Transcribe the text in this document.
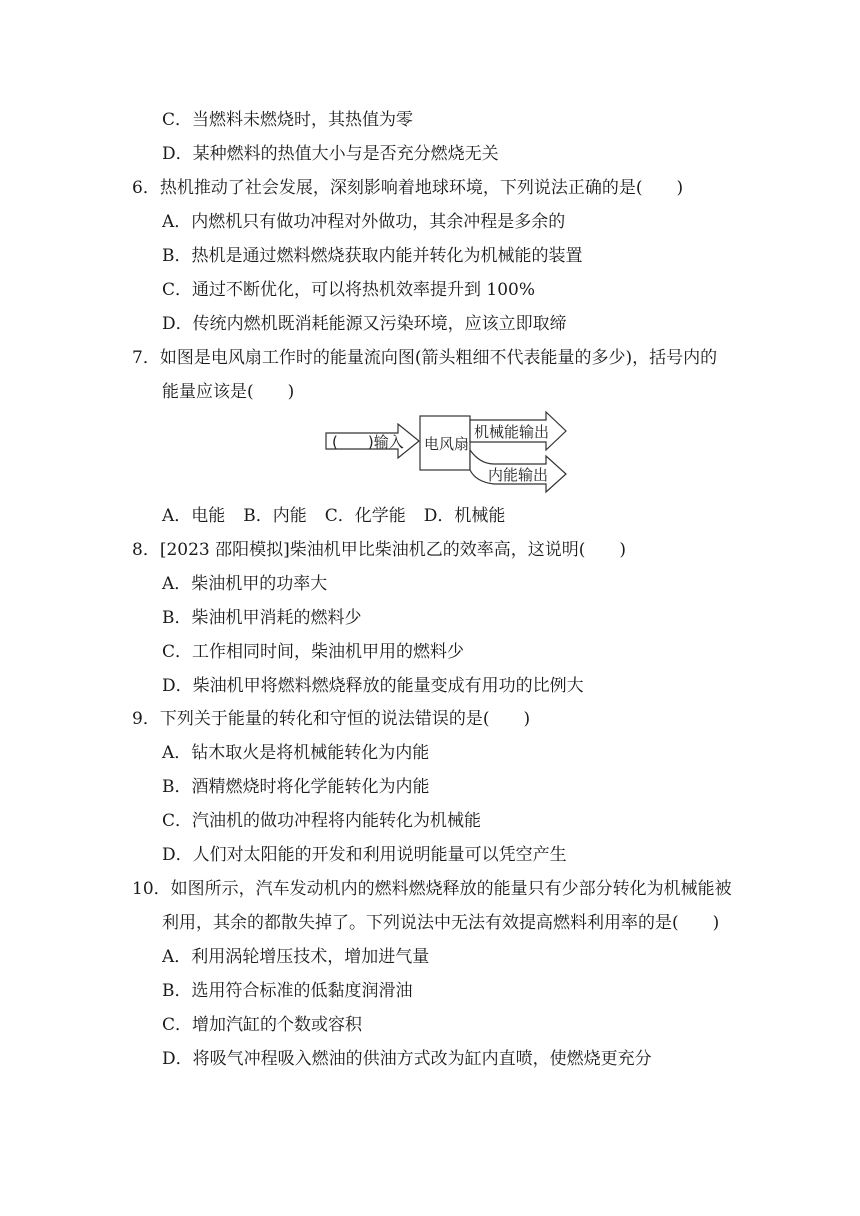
C．当燃料未燃烧时，其热值为零
D．某种燃料的热值大小与是否充分燃烧无关
6．热机推动了社会发展，深刻影响着地球环境，下列说法正确的是(　　)
A．内燃机只有做功冲程对外做功，其余冲程是多余的
B．热机是通过燃料燃烧获取内能并转化为机械能的装置
C．通过不断优化，可以将热机效率提升到 100%
D．传统内燃机既消耗能源又污染环境，应该立即取缔
7．如图是电风扇工作时的能量流向图(箭头粗细不代表能量的多少)，括号内的
能量应该是(　　)
(　　)输入 电风扇
机械能输出
内能输出
A．电能 B．内能 C．化学能 D．机械能
8．[2023 邵阳模拟]柴油机甲比柴油机乙的效率高，这说明(　　)
A．柴油机甲的功率大
B．柴油机甲消耗的燃料少
C．工作相同时间，柴油机甲用的燃料少
D．柴油机甲将燃料燃烧释放的能量变成有用功的比例大
9．下列关于能量的转化和守恒的说法错误的是(　　)
A．钻木取火是将机械能转化为内能
B．酒精燃烧时将化学能转化为内能
C．汽油机的做功冲程将内能转化为机械能
D．人们对太阳能的开发和利用说明能量可以凭空产生
10．如图所示，汽车发动机内的燃料燃烧释放的能量只有少部分转化为机械能被
利用，其余的都散失掉了。下列说法中无法有效提高燃料利用率的是(　　)
A．利用涡轮增压技术，增加进气量
B．选用符合标准的低黏度润滑油
C．增加汽缸的个数或容积
D．将吸气冲程吸入燃油的供油方式改为缸内直喷，使燃烧更充分
